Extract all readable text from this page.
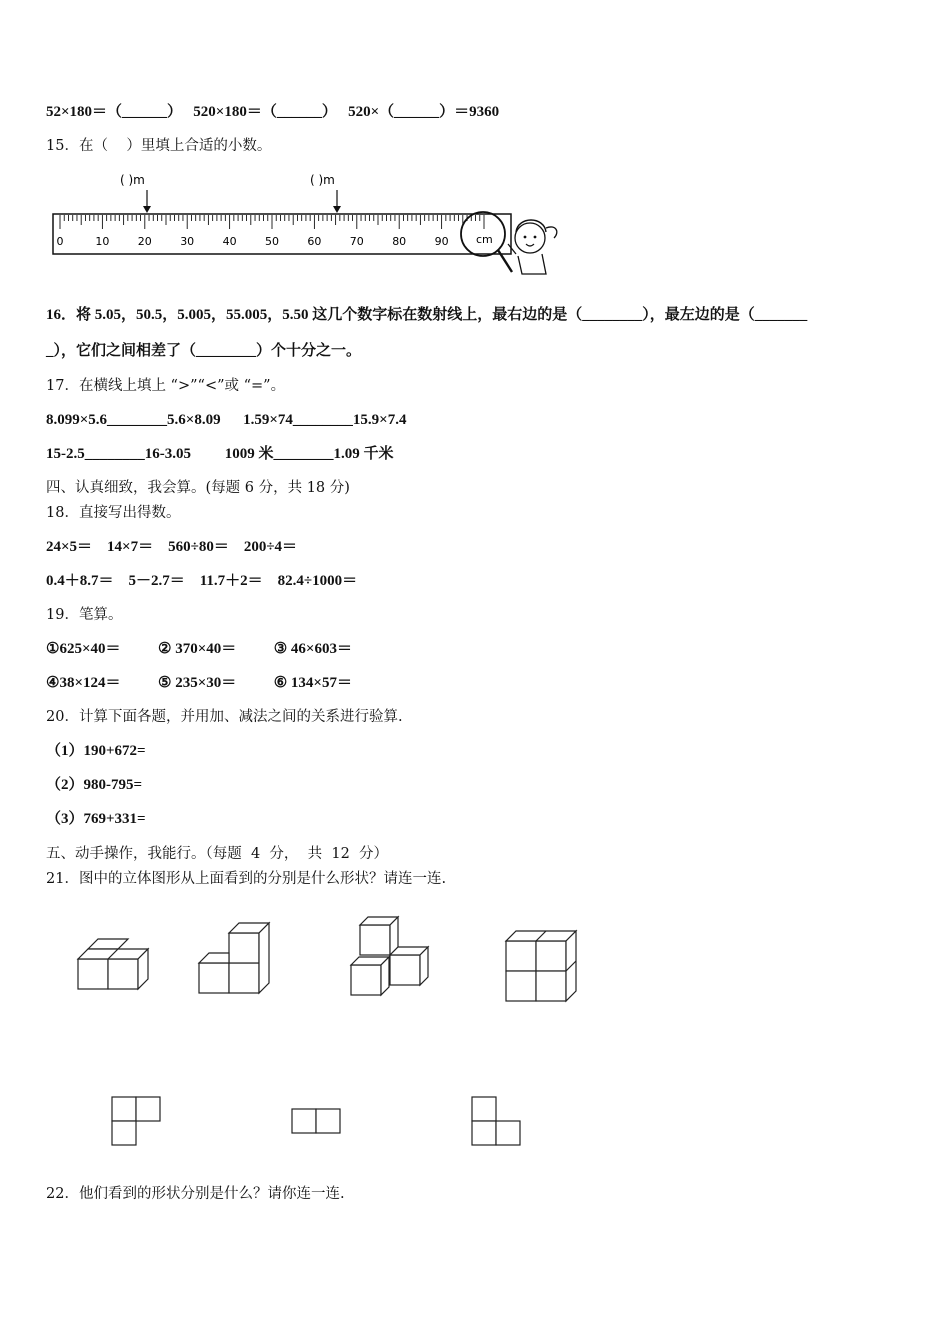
52×180＝（______）   520×180＝（______）   520×（______）＝9360
15．在（    ）里填上合适的小数。
( )m	( )m
0	10	20	30	40	50	60	70	80	90 cm
16．将 5.05，50.5，5.005，55.005，5.50 这几个数字标在数射线上，最右边的是（________），最左边的是（_______
_），它们之间相差了（________）个十分之一。
17．在横线上填上 “>”“<”或 “=”。
8.099×5.6________5.6×8.09      1.59×74________15.9×7.4
15-2.5________16-3.05         1009 米________1.09 千米
四、认真细致，我会算。(每题 6 分，共 18 分)
18．直接写出得数。
24×5＝    14×7＝    560÷80＝    200÷4＝
0.4＋8.7＝    5－2.7＝    11.7＋2＝    82.4÷1000＝
19．笔算。
①625×40＝          ② 370×40＝          ③ 46×603＝
④38×124＝          ⑤ 235×30＝          ⑥ 134×57＝
20．计算下面各题，并用加、减法之间的关系进行验算.
（1）190+672=
（2）980-795=
（3）769+331=
五、动手操作，我能行。（每题  4  分，  共  12  分）
21．图中的立体图形从上面看到的分别是什么形状？请连一连.
22．他们看到的形状分别是什么？请你连一连.
